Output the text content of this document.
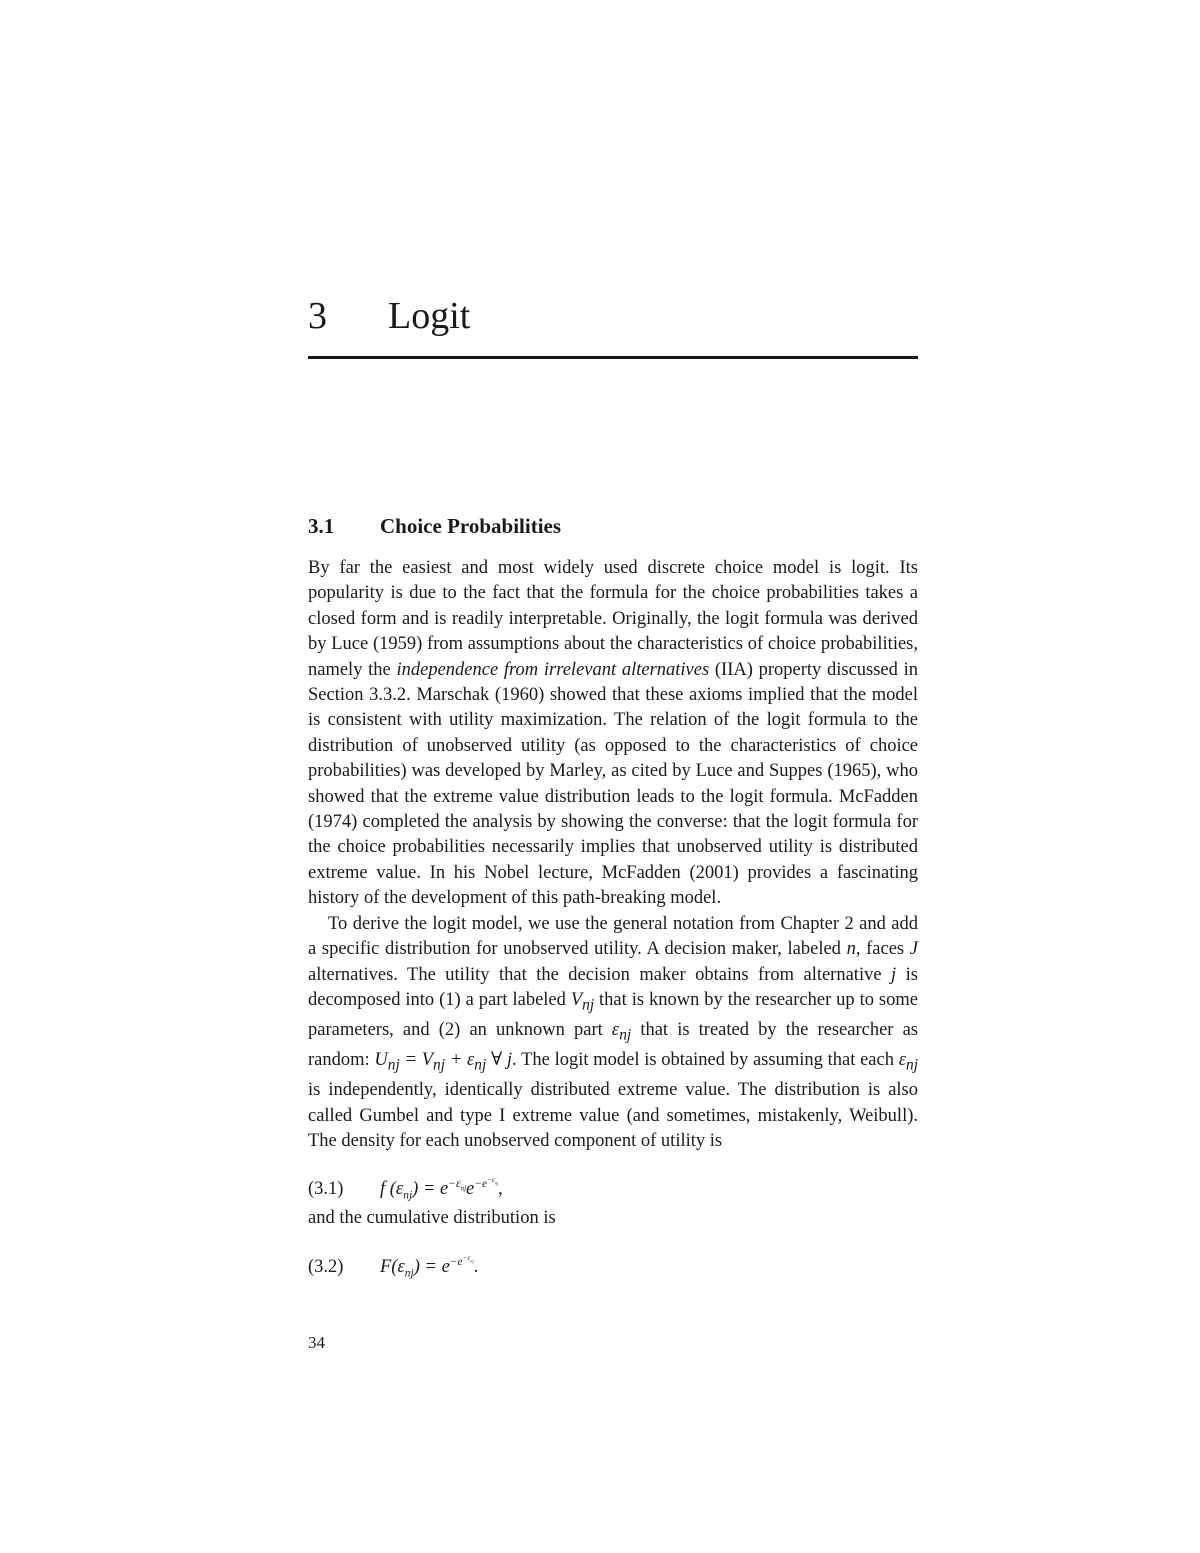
3 Logit
3.1 Choice Probabilities

By far the easiest and most widely used discrete choice model is logit. Its popularity is due to the fact that the formula for the choice probabilities takes a closed form and is readily interpretable. Originally, the logit formula was derived by Luce (1959) from assumptions about the characteristics of choice probabilities, namely the independence from irrelevant alternatives (IIA) property discussed in Section 3.3.2. Marschak (1960) showed that these axioms implied that the model is consistent with utility maximization. The relation of the logit formula to the distribution of unobserved utility (as opposed to the characteristics of choice probabilities) was developed by Marley, as cited by Luce and Suppes (1965), who showed that the extreme value distribution leads to the logit formula. McFadden (1974) completed the analysis by showing the converse: that the logit formula for the choice probabilities necessarily implies that unobserved utility is distributed extreme value. In his Nobel lecture, McFadden (2001) provides a fascinating history of the development of this path-breaking model.

To derive the logit model, we use the general notation from Chapter 2 and add a specific distribution for unobserved utility. A decision maker, labeled n, faces J alternatives. The utility that the decision maker obtains from alternative j is decomposed into (1) a part labeled $V_{nj}$ that is known by the researcher up to some parameters, and (2) an unknown part $\varepsilon_{nj}$ that is treated by the researcher as random: $U_{nj} = V_{nj} + \varepsilon_{nj}$ ∀ j. The logit model is obtained by assuming that each $\varepsilon_{nj}$ is independently, identically distributed extreme value. The distribution is also called Gumbel and type I extreme value (and sometimes, mistakenly, Weibull). The density for each unobserved component of utility is

(3.1) f $(\varepsilon_{nj}) = e^{-\varepsilon_{nj}}e^{-e^{-\varepsilon_{nj}}}$,

and the cumulative distribution is

(3.2) $F(\varepsilon_{nj}) = e^{-e^{-\varepsilon_{nj}}}$.
34
